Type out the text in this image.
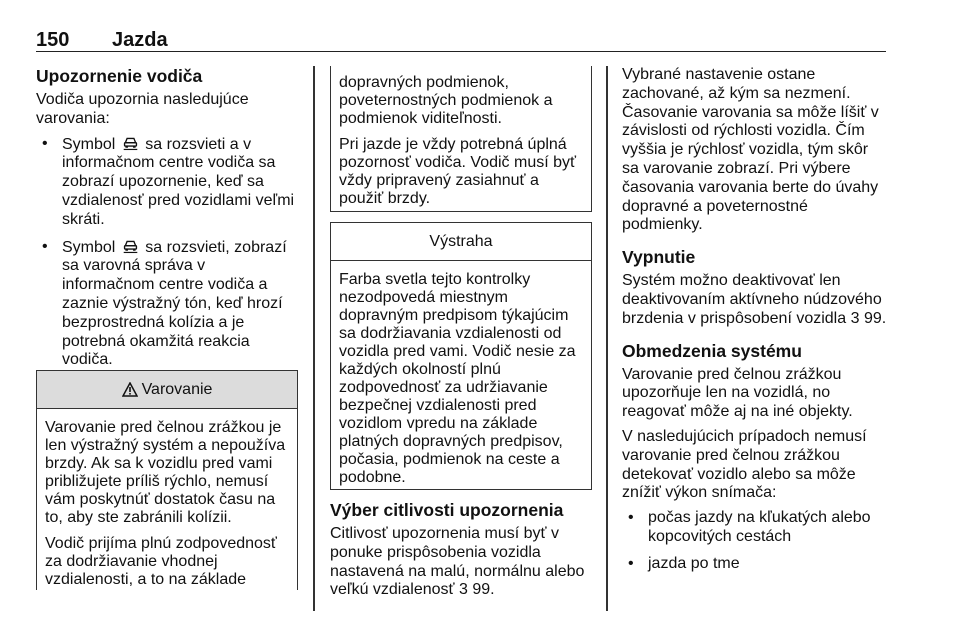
150 Jazda
Upozornenie vodiča

Vodiča upozornia nasledujúce varovania:

• Symbol sa rozsvieti a v informačnom centre vodiča sa zobrazí upozornenie, keď sa vzdialenosť pred vozidlami veľmi skráti.
• Symbol sa rozsvieti, zobrazí sa varovná správa v informačnom centre vodiča a zaznie výstražný tón, keď hrozí bezprostredná kolízia a je potrebná okamžitá reakcia vodiča.
Varovanie

Varovanie pred čelnou zrážkou je len výstražný systém a nepoužíva brzdy. Ak sa k vozidlu pred vami približujete príliš rýchlo, nemusí vám poskytnúť dostatok času na to, aby ste zabránili kolízii.

Vodič prijíma plnú zodpovednosť za dodržiavanie vhodnej vzdialenosti, a to na základe

dopravných podmienok, poveternostných podmienok a podmienok viditeľnosti.

Pri jazde je vždy potrebná úplná pozornosť vodiča. Vodič musí byť vždy pripravený zasiahnuť a použiť brzdy.

Výstraha

Farba svetla tejto kontrolky nezodpovedá miestnym dopravným predpisom týkajúcim sa dodržiavania vzdialenosti od vozidla pred vami. Vodič nesie za každých okolností plnú zodpovednosť za udržiavanie bezpečnej vzdialenosti pred vozidlom vpredu na základe platných dopravných predpisov, počasia, podmienok na ceste a podobne.

Výber citlivosti upozornenia

Citlivosť upozornenia musí byť v ponuke prispôsobenia vozidla nastavená na malú, normálnu alebo veľkú vzdialenosť 3 99.

Vybrané nastavenie ostane zachované, až kým sa nezmení. Časovanie varovania sa môže líšiť v závislosti od rýchlosti vozidla. Čím vyššia je rýchlosť vozidla, tým skôr sa varovanie zobrazí. Pri výbere časovania varovania berte do úvahy dopravné a poveternostné podmienky.

Vypnutie

Systém možno deaktivovať len deaktivovaním aktívneho núdzového brzdenia v prispôsobení vozidla 3 99.

Obmedzenia systému

Varovanie pred čelnou zrážkou upozorňuje len na vozidlá, no reagovať môže aj na iné objekty.

V nasledujúcich prípadoch nemusí varovanie pred čelnou zrážkou detekovať vozidlo alebo sa môže znížiť výkon snímača:

• počas jazdy na kľukatých alebo kopcovitých cestách
• jazda po tme
